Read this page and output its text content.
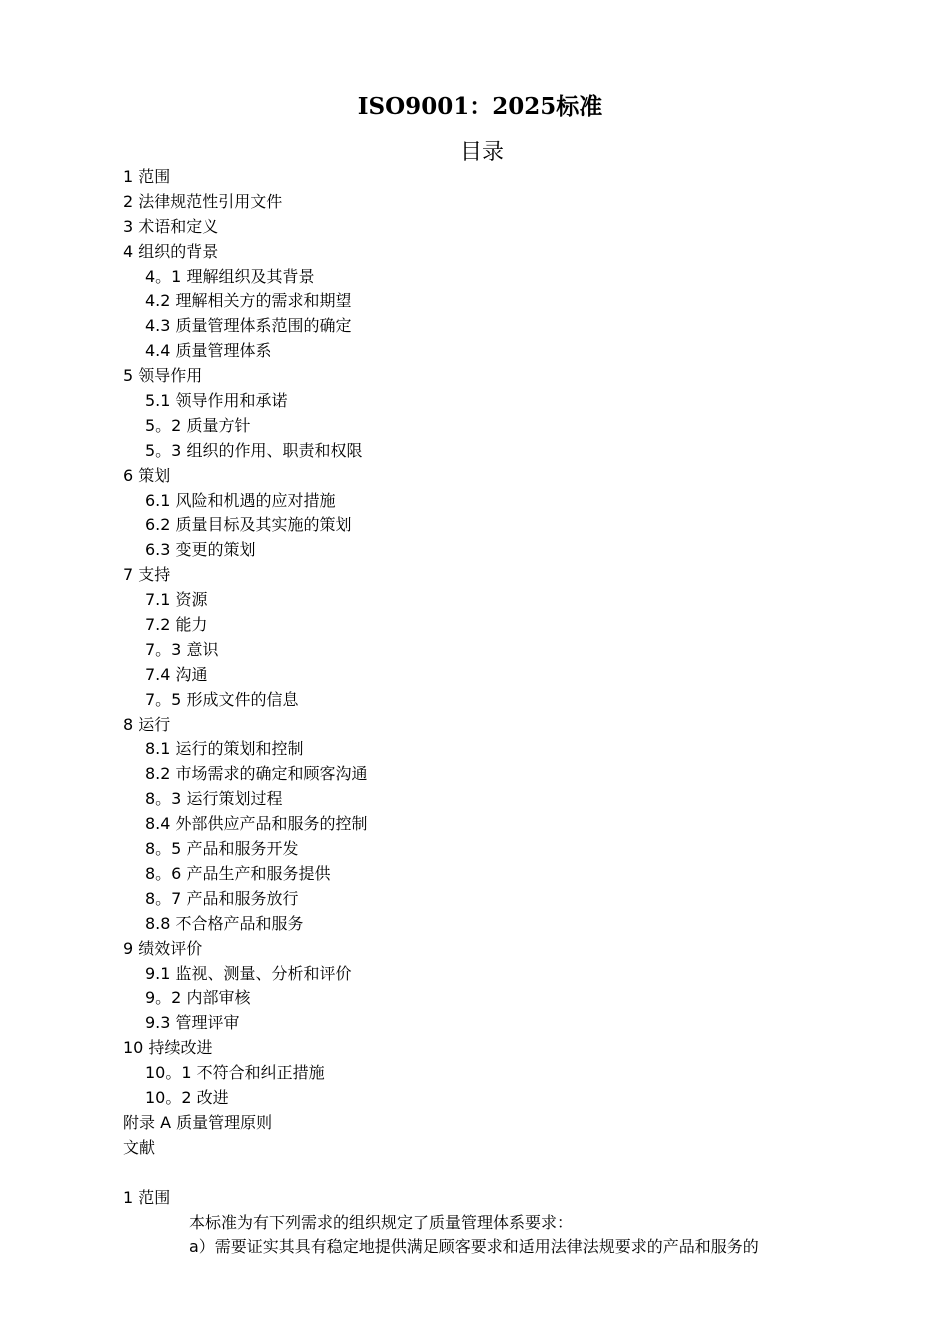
ISO9001：2025标准
目录
1 范围
2 法律规范性引用文件
3 术语和定义
4 组织的背景
4。1 理解组织及其背景
4.2 理解相关方的需求和期望
4.3 质量管理体系范围的确定
4.4 质量管理体系
5 领导作用
5.1 领导作用和承诺
5。2 质量方针
5。3 组织的作用、职责和权限
6 策划
6.1 风险和机遇的应对措施
6.2 质量目标及其实施的策划
6.3 变更的策划
7 支持
7.1 资源
7.2 能力
7。3 意识
7.4 沟通
7。5 形成文件的信息
8 运行
8.1 运行的策划和控制
8.2 市场需求的确定和顾客沟通
8。3 运行策划过程
8.4 外部供应产品和服务的控制
8。5 产品和服务开发
8。6 产品生产和服务提供
8。7 产品和服务放行
8.8 不合格产品和服务
9 绩效评价
9.1 监视、测量、分析和评价
9。2 内部审核
9.3 管理评审
10 持续改进
10。1 不符合和纠正措施
10。2 改进
附录 A 质量管理原则
文献
1 范围
本标准为有下列需求的组织规定了质量管理体系要求：
a）需要证实其具有稳定地提供满足顾客要求和适用法律法规要求的产品和服务的
